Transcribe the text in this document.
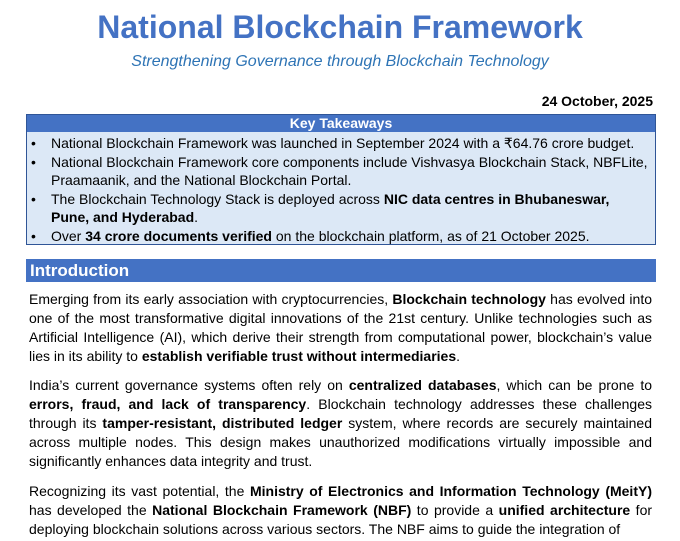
National Blockchain Framework
Strengthening Governance through Blockchain Technology
24 October, 2025
Key Takeaways
• National Blockchain Framework was launched in September 2024 with a ₹64.76 crore budget.
• National Blockchain Framework core components include Vishvasya Blockchain Stack, NBFLite, Praamaanik, and the National Blockchain Portal.
• The Blockchain Technology Stack is deployed across NIC data centres in Bhubaneswar, Pune, and Hyderabad.
• Over 34 crore documents verified on the blockchain platform, as of 21 October 2025.
Introduction

Emerging from its early association with cryptocurrencies, Blockchain technology has evolved into one of the most transformative digital innovations of the 21st century. Unlike technologies such as Artificial Intelligence (AI), which derive their strength from computational power, blockchain’s value lies in its ability to establish verifiable trust without intermediaries.

India’s current governance systems often rely on centralized databases, which can be prone to errors, fraud, and lack of transparency. Blockchain technology addresses these challenges through its tamper-resistant, distributed ledger system, where records are securely maintained across multiple nodes. This design makes unauthorized modifications virtually impossible and significantly enhances data integrity and trust.

Recognizing its vast potential, the Ministry of Electronics and Information Technology (MeitY) has developed the National Blockchain Framework (NBF) to provide a unified architecture for deploying blockchain solutions across various sectors. The NBF aims to guide the integration of
